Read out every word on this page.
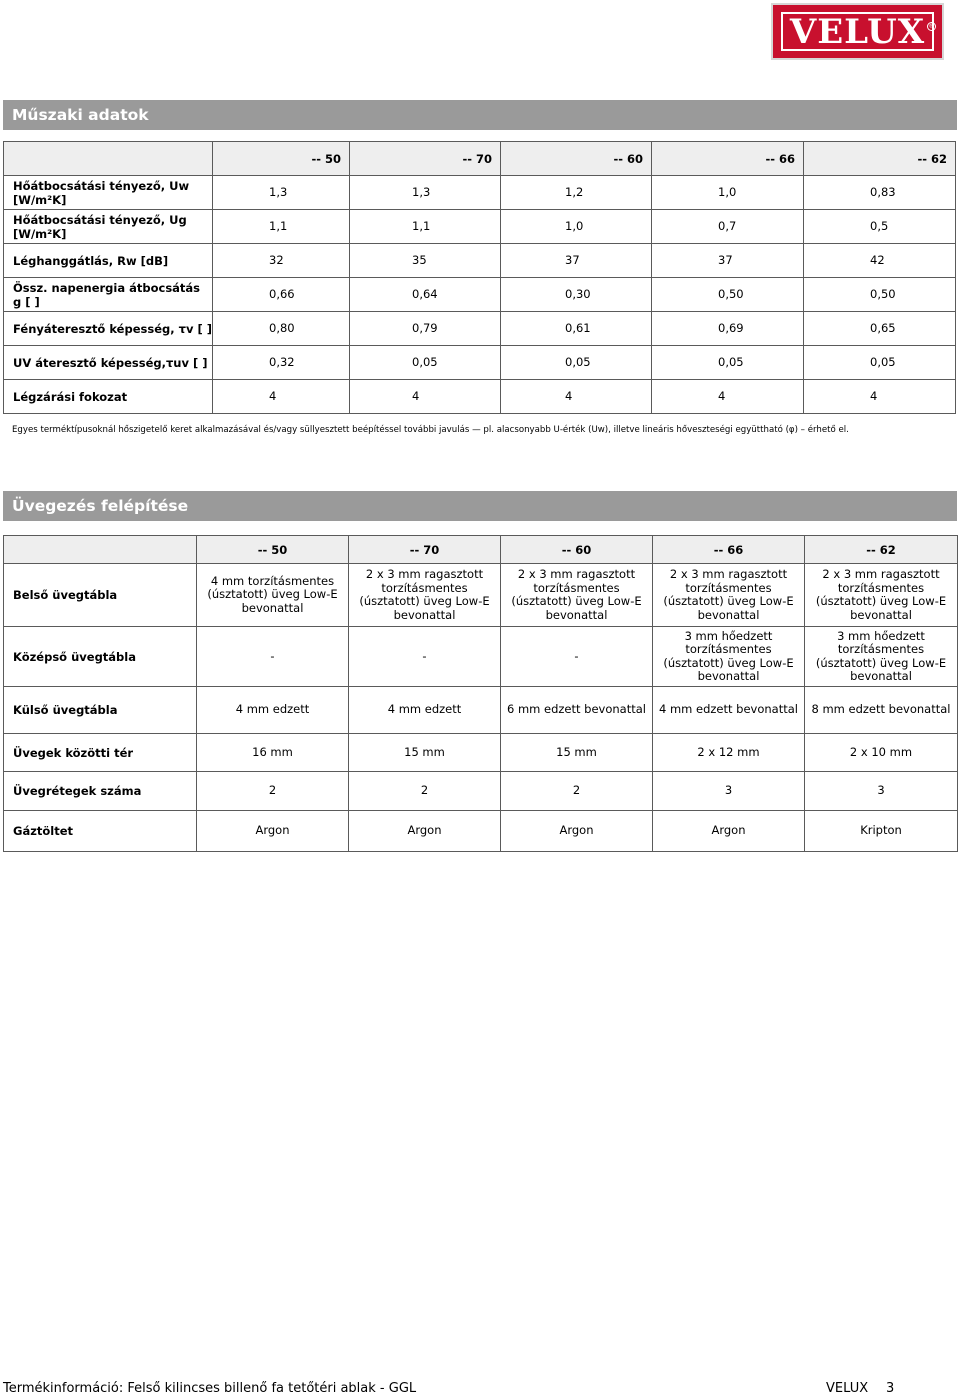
VELUX ®
Műszaki adatok
	-- 50	-- 70	-- 60	-- 66	-- 62
Hőátbocsátási tényező, Uw [W/m²K]	1,3	1,3	1,2	1,0	0,83
Hőátbocsátási tényező, Ug [W/m²K]	1,1	1,1	1,0	0,7	0,5
Léghanggátlás, Rw [dB]	32	35	37	37	42
Össz. napenergia átbocsátás g [ ]	0,66	0,64	0,30	0,50	0,50
Fényáteresztő képesség, τv [ ]	0,80	0,79	0,61	0,69	0,65
UV áteresztő képesség,τuv [ ]	0,32	0,05	0,05	0,05	0,05
Légzárási fokozat	4	4	4	4	4
Egyes terméktípusoknál hőszigetelő keret alkalmazásával és/vagy süllyesztett beépítéssel további javulás — pl. alacsonyabb U-érték (Uw), illetve lineáris hőveszteségi együttható (φ) – érhető el.
Üvegezés felépítése
	-- 50	-- 70	-- 60	-- 66	-- 62
Belső üvegtábla	4 mm torzításmentes (úsztatott) üveg Low-E bevonattal	2 x 3 mm ragasztott torzításmentes (úsztatott) üveg Low-E bevonattal	2 x 3 mm ragasztott torzításmentes (úsztatott) üveg Low-E bevonattal	2 x 3 mm ragasztott torzításmentes (úsztatott) üveg Low-E bevonattal	2 x 3 mm ragasztott torzításmentes (úsztatott) üveg Low-E bevonattal
Középső üvegtábla	-	-	-	3 mm hőedzett torzításmentes (úsztatott) üveg Low-E bevonattal	3 mm hőedzett torzításmentes (úsztatott) üveg Low-E bevonattal
Külső üvegtábla	4 mm edzett	4 mm edzett	6 mm edzett bevonattal	4 mm edzett bevonattal	8 mm edzett bevonattal
Üvegek közötti tér	16 mm	15 mm	15 mm	2 x 12 mm	2 x 10 mm
Üvegrétegek száma	2	2	2	3	3
Gáztöltet	Argon	Argon	Argon	Argon	Kripton
Termékinformáció: Felső kilincses billenő fa tetőtéri ablak - GGL	VELUX 3
